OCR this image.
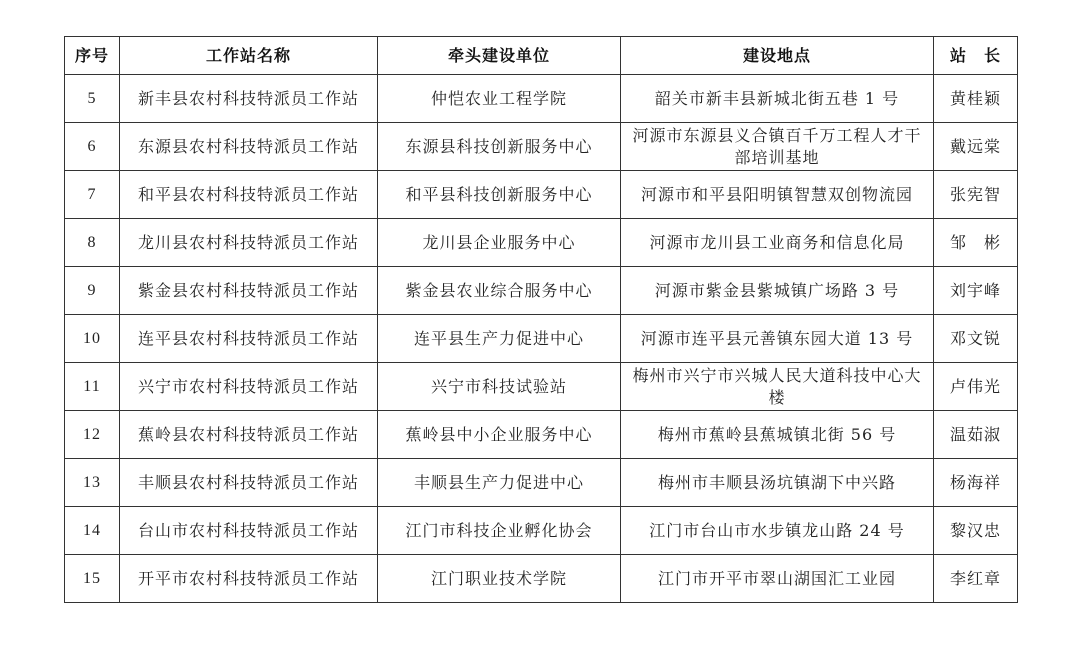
序号	工作站名称	牵头建设单位	建设地点	站　长
5	新丰县农村科技特派员工作站	仲恺农业工程学院	韶关市新丰县新城北街五巷 1 号	黄桂颖
6	东源县农村科技特派员工作站	东源县科技创新服务中心	河源市东源县义合镇百千万工程人才干部培训基地	戴远棠
7	和平县农村科技特派员工作站	和平县科技创新服务中心	河源市和平县阳明镇智慧双创物流园	张宪智
8	龙川县农村科技特派员工作站	龙川县企业服务中心	河源市龙川县工业商务和信息化局	邹　彬
9	紫金县农村科技特派员工作站	紫金县农业综合服务中心	河源市紫金县紫城镇广场路 3 号	刘宇峰
10	连平县农村科技特派员工作站	连平县生产力促进中心	河源市连平县元善镇东园大道 13 号	邓文锐
11	兴宁市农村科技特派员工作站	兴宁市科技试验站	梅州市兴宁市兴城人民大道科技中心大楼	卢伟光
12	蕉岭县农村科技特派员工作站	蕉岭县中小企业服务中心	梅州市蕉岭县蕉城镇北街 56 号	温茹淑
13	丰顺县农村科技特派员工作站	丰顺县生产力促进中心	梅州市丰顺县汤坑镇湖下中兴路	杨海祥
14	台山市农村科技特派员工作站	江门市科技企业孵化协会	江门市台山市水步镇龙山路 24 号	黎汉忠
15	开平市农村科技特派员工作站	江门职业技术学院	江门市开平市翠山湖国汇工业园	李红章
